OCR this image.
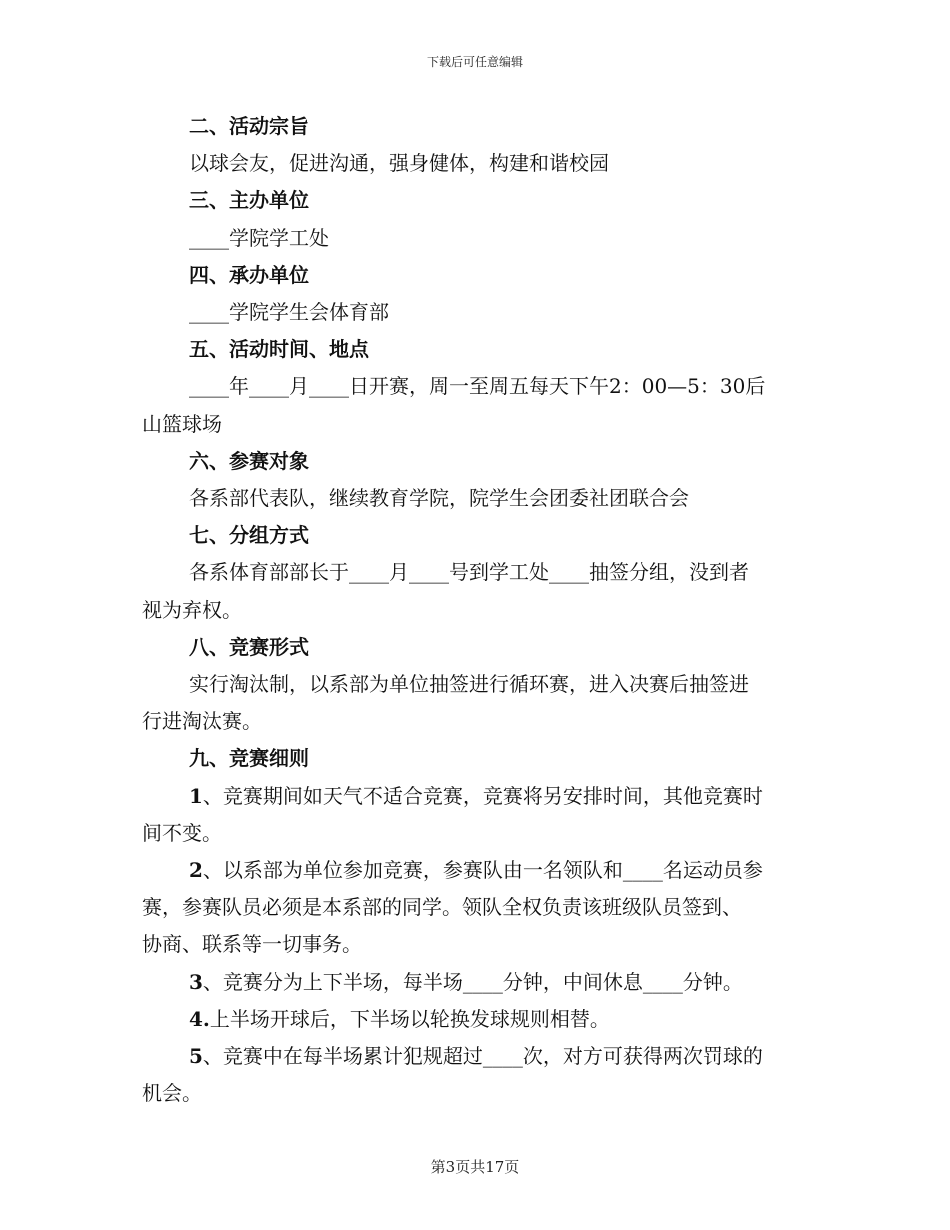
下载后可任意编辑
二、活动宗旨
以球会友，促进沟通，强身健体，构建和谐校园
三、主办单位
____学院学工处
四、承办单位
____学院学生会体育部
五、活动时间、地点
____年____月____日开赛，周一至周五每天下午2：00—5：30后
山篮球场
六、参赛对象
各系部代表队，继续教育学院，院学生会团委社团联合会
七、分组方式
各系体育部部长于____月____号到学工处____抽签分组，没到者
视为弃权。
八、竞赛形式
实行淘汰制，以系部为单位抽签进行循环赛，进入决赛后抽签进
行进淘汰赛。
九、竞赛细则
1、竞赛期间如天气不适合竞赛，竞赛将另安排时间，其他竞赛时
间不变。
2、以系部为单位参加竞赛，参赛队由一名领队和____名运动员参
赛，参赛队员必须是本系部的同学。领队全权负责该班级队员签到、
协商、联系等一切事务。
3、竞赛分为上下半场，每半场____分钟，中间休息____分钟。
4.上半场开球后，下半场以轮换发球规则相替。
5、竞赛中在每半场累计犯规超过____次，对方可获得两次罚球的
机会。
第3页共17页
